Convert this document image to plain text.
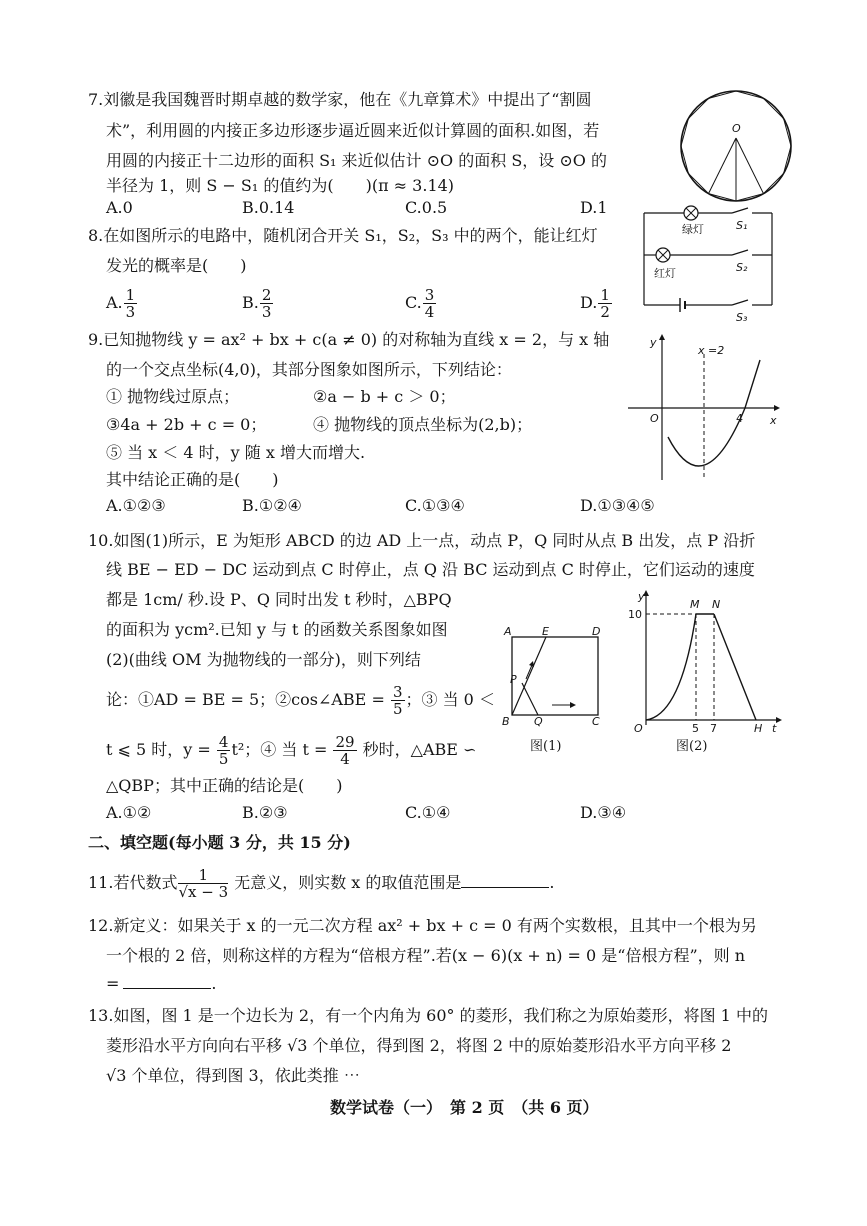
7.刘徽是我国魏晋时期卓越的数学家，他在《九章算术》中提出了“割圆
术”，利用圆的内接正多边形逐步逼近圆来近似计算圆的面积.如图，若
用圆的内接正十二边形的面积 S₁ 来近似估计 ⊙O 的面积 S，设 ⊙O 的
半径为 1，则 S − S₁ 的值约为(　　)(π ≈ 3.14)
A.0	B.0.14	C.0.5	D.1
O
8.在如图所示的电路中，随机闭合开关 S₁，S₂，S₃ 中的两个，能让红灯
发光的概率是(　　)
A. $\frac{1}{3}$	B. $\frac{2}{3}$	C. $\frac{3}{4}$	D. $\frac{1}{2}$
绿灯	S₁
红灯	S₂
S₃
9.已知抛物线 y = ax² + bx + c(a ≠ 0) 的对称轴为直线 x = 2，与 x 轴
的一个交点坐标(4,0)，其部分图象如图所示，下列结论：
① 抛物线过原点；	②a − b + c ＞ 0；
③4a + 2b + c = 0；	④ 抛物线的顶点坐标为(2,b)；
⑤ 当 x ＜ 4 时，y 随 x 增大而增大.
其中结论正确的是(　　)
A.①②③	B.①②④	C.①③④	D.①③④⑤
y
x
O	4
x =2
10.如图(1)所示，E 为矩形 ABCD 的边 AD 上一点，动点 P，Q 同时从点 B 出发，点 P 沿折
线 BE − ED − DC 运动到点 C 时停止，点 Q 沿 BC 运动到点 C 时停止，它们运动的速度
都是 1cm/ 秒.设 P、Q 同时出发 t 秒时，△BPQ
的面积为 ycm².已知 y 与 t 的函数关系图象如图
(2)(曲线 OM 为抛物线的一部分)，则下列结
论：①AD = BE = 5；②cos∠ABE = $\frac{3}{5}$ ；③ 当 0 ＜
t ⩽ 5 时，$y = \frac{4}{5} t^2$；④ 当 $t = \frac{29}{4}$ 秒时，△ABE ∽
△QBP；其中正确的结论是(　　)
A.①②	B.②③	C.①④	D.③④
A	E	D
P
B Q	C
图(1)
y
10
M N
O	5 7	H t
图(2)
二、填空题(每小题 3 分，共 15 分)
11.若代数式 $\frac{1}{√x - 3}$ 无意义，则实数 x 的取值范围是	.
12.新定义：如果关于 x 的一元二次方程 ax² + bx + c = 0 有两个实数根，且其中一个根为另
一个根的 2 倍，则称这样的方程为“倍根方程”.若(x − 6)(x + n) = 0 是“倍根方程”，则 n
=	.
13.如图，图 1 是一个边长为 2，有一个内角为 60° 的菱形，我们称之为原始菱形，将图 1 中的
菱形沿水平方向向右平移 √3 个单位，得到图 2，将图 2 中的原始菱形沿水平方向平移 2
√3 个单位，得到图 3，依此类推 ⋯
数学试卷（一）　第 2 页　（共 6 页）
